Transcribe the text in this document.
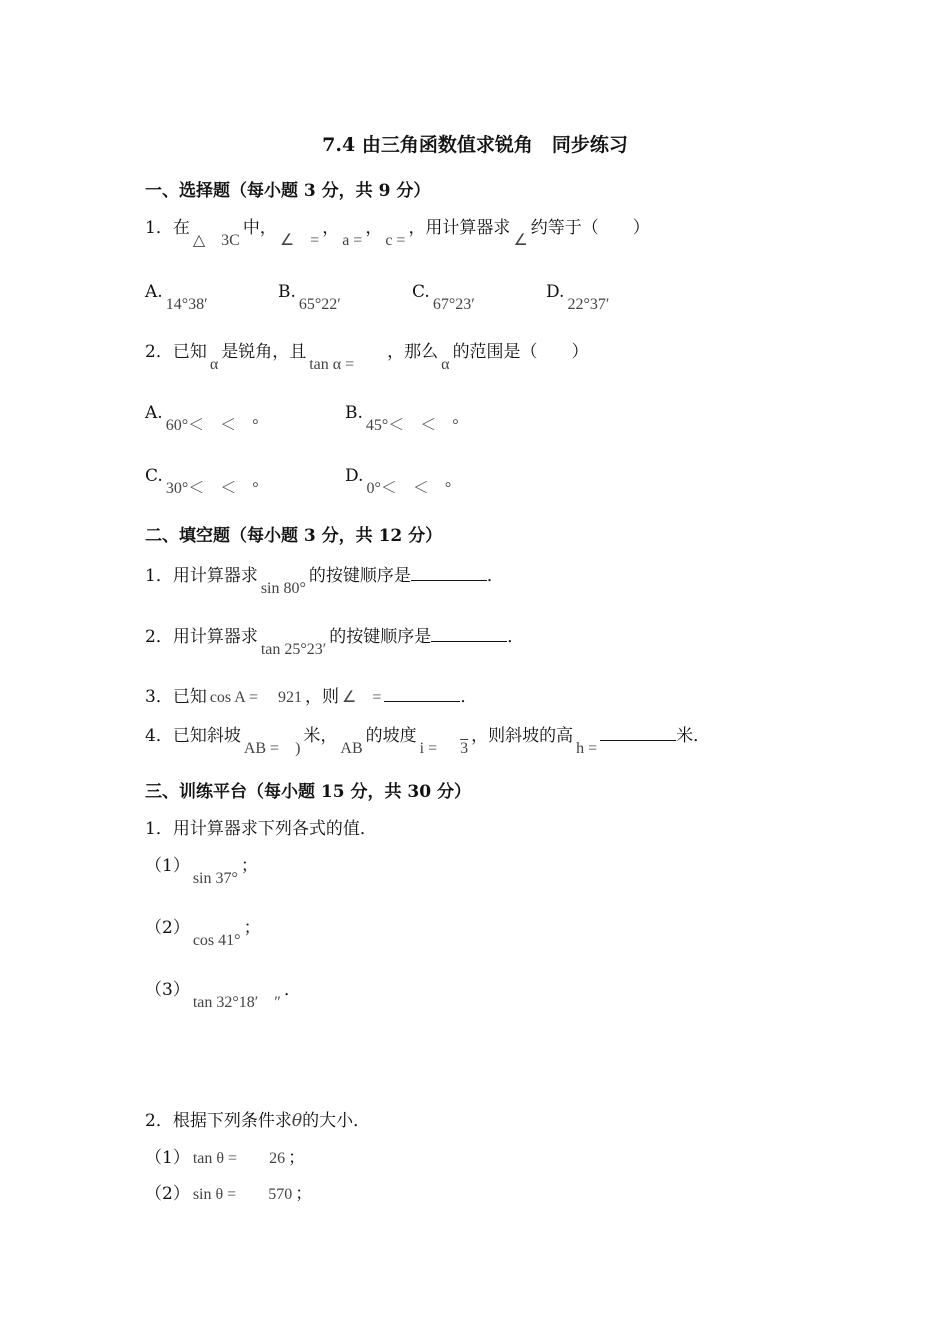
7.4 由三角函数值求锐角　同步练习
一、选择题（每小题 3 分，共 9 分）
1．在△　3C中，∠　=，a =，c =，用计算器求∠约等于（　　）
A.14°38′
B.65°22′
C.67°23′
D.22°37′
2．已知α是锐角，且tan α =，那么α的范围是（　　）
A.60°＜　＜　°
B.45°＜　＜　°
C.30°＜　＜　°
D.0°＜　＜　°
二、填空题（每小题 3 分，共 12 分）
1．用计算器求sin 80°的按键顺序是	．
2．用计算器求tan 25°23′的按键顺序是	．
3．已知 cos A =　 921 ，则 ∠　=	．
4．已知斜坡AB =　)米，AB的坡度i = 3，则斜坡的高h =米．
三、训练平台（每小题 15 分，共 30 分）
1．用计算器求下列各式的值．
（1）sin 37°；
（2）cos 41°；
（3）tan 32°18′　″．
2．根据下列条件求θ的大小．
（1） tan θ =　　26 ；
（2） sin θ =　　570 ；
